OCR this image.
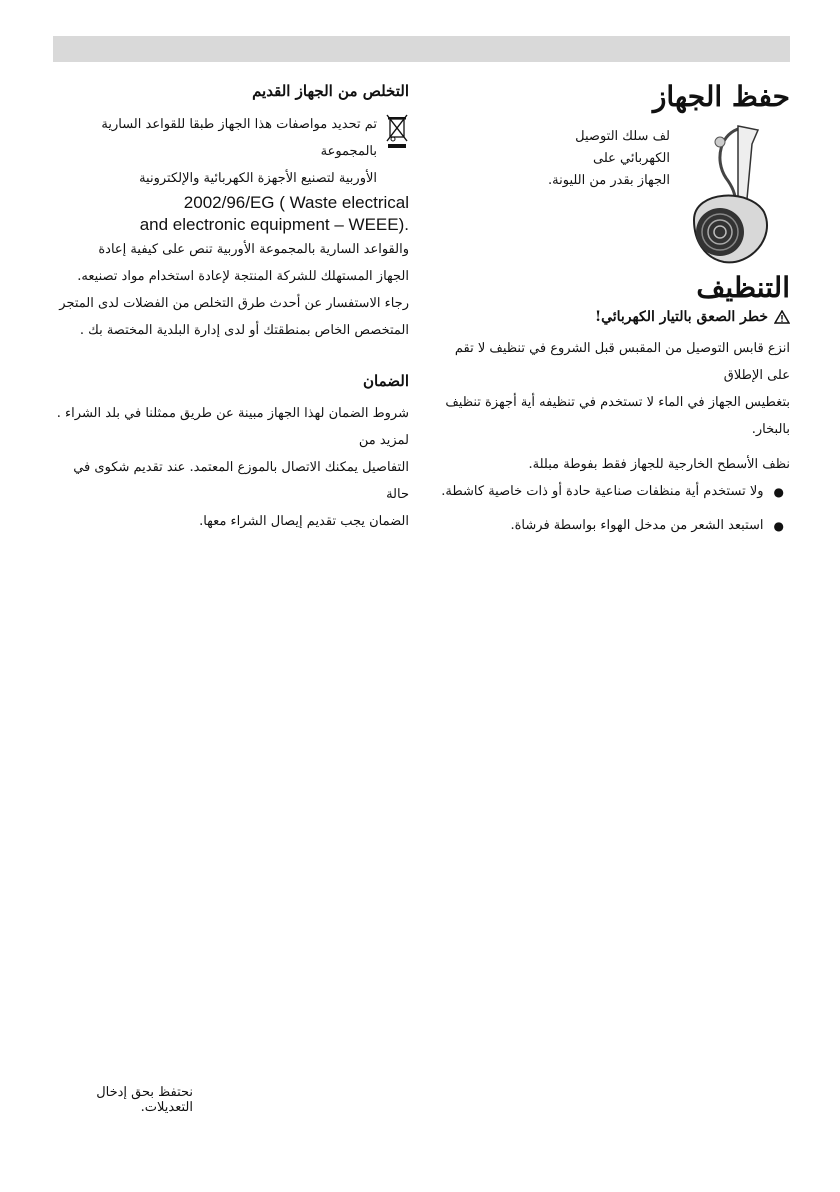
حفظ الجهاز
لف سلك التوصيل
الكهربائي على
الجهاز بقدر من الليونة.
التنظيف
خطر الصعق بالتيار الكهربائي!

انزع قابس التوصيل من المقبس قبل الشروع في تنظيف لا تقم على الإطلاق

بتغطيس الجهاز في الماء لا تستخدم في تنظيفه أية أجهزة تنظيف بالبخار.

نظف الأسطح الخارجية للجهاز فقط بفوطة مبللة.

●
ولا تستخدم أية منظفات صناعية حادة أو ذات خاصية كاشطة.
●
استبعد الشعر من مدخل الهواء بواسطة فرشاة.
التخلص من الجهاز القديم

تم تحديد مواصفات هذا الجهاز طبقا للقواعد السارية بالمجموعة

الأوربية لتصنيع الأجهزة الكهربائية والإلكترونية

2002/96/EG ( Waste electrical

and electronic equipment – WEEE).

والقواعد السارية بالمجموعة الأوربية تنص على كيفية إعادة

الجهاز المستهلك للشركة المنتجة لإعادة استخدام مواد تصنيعه.

رجاء الاستفسار عن أحدث طرق التخلص من الفضلات لدى المتجر

المتخصص الخاص بمنطقتك أو لدى إدارة البلدية المختصة بك .

الضمان

شروط الضمان لهذا الجهاز مبينة عن طريق ممثلنا في بلد الشراء . لمزيد من

التفاصيل يمكنك الاتصال بالموزع المعتمد. عند تقديم شكوى في حالة

الضمان يجب تقديم إيصال الشراء معها.

نحتفظ بحق إدخال التعديلات.
